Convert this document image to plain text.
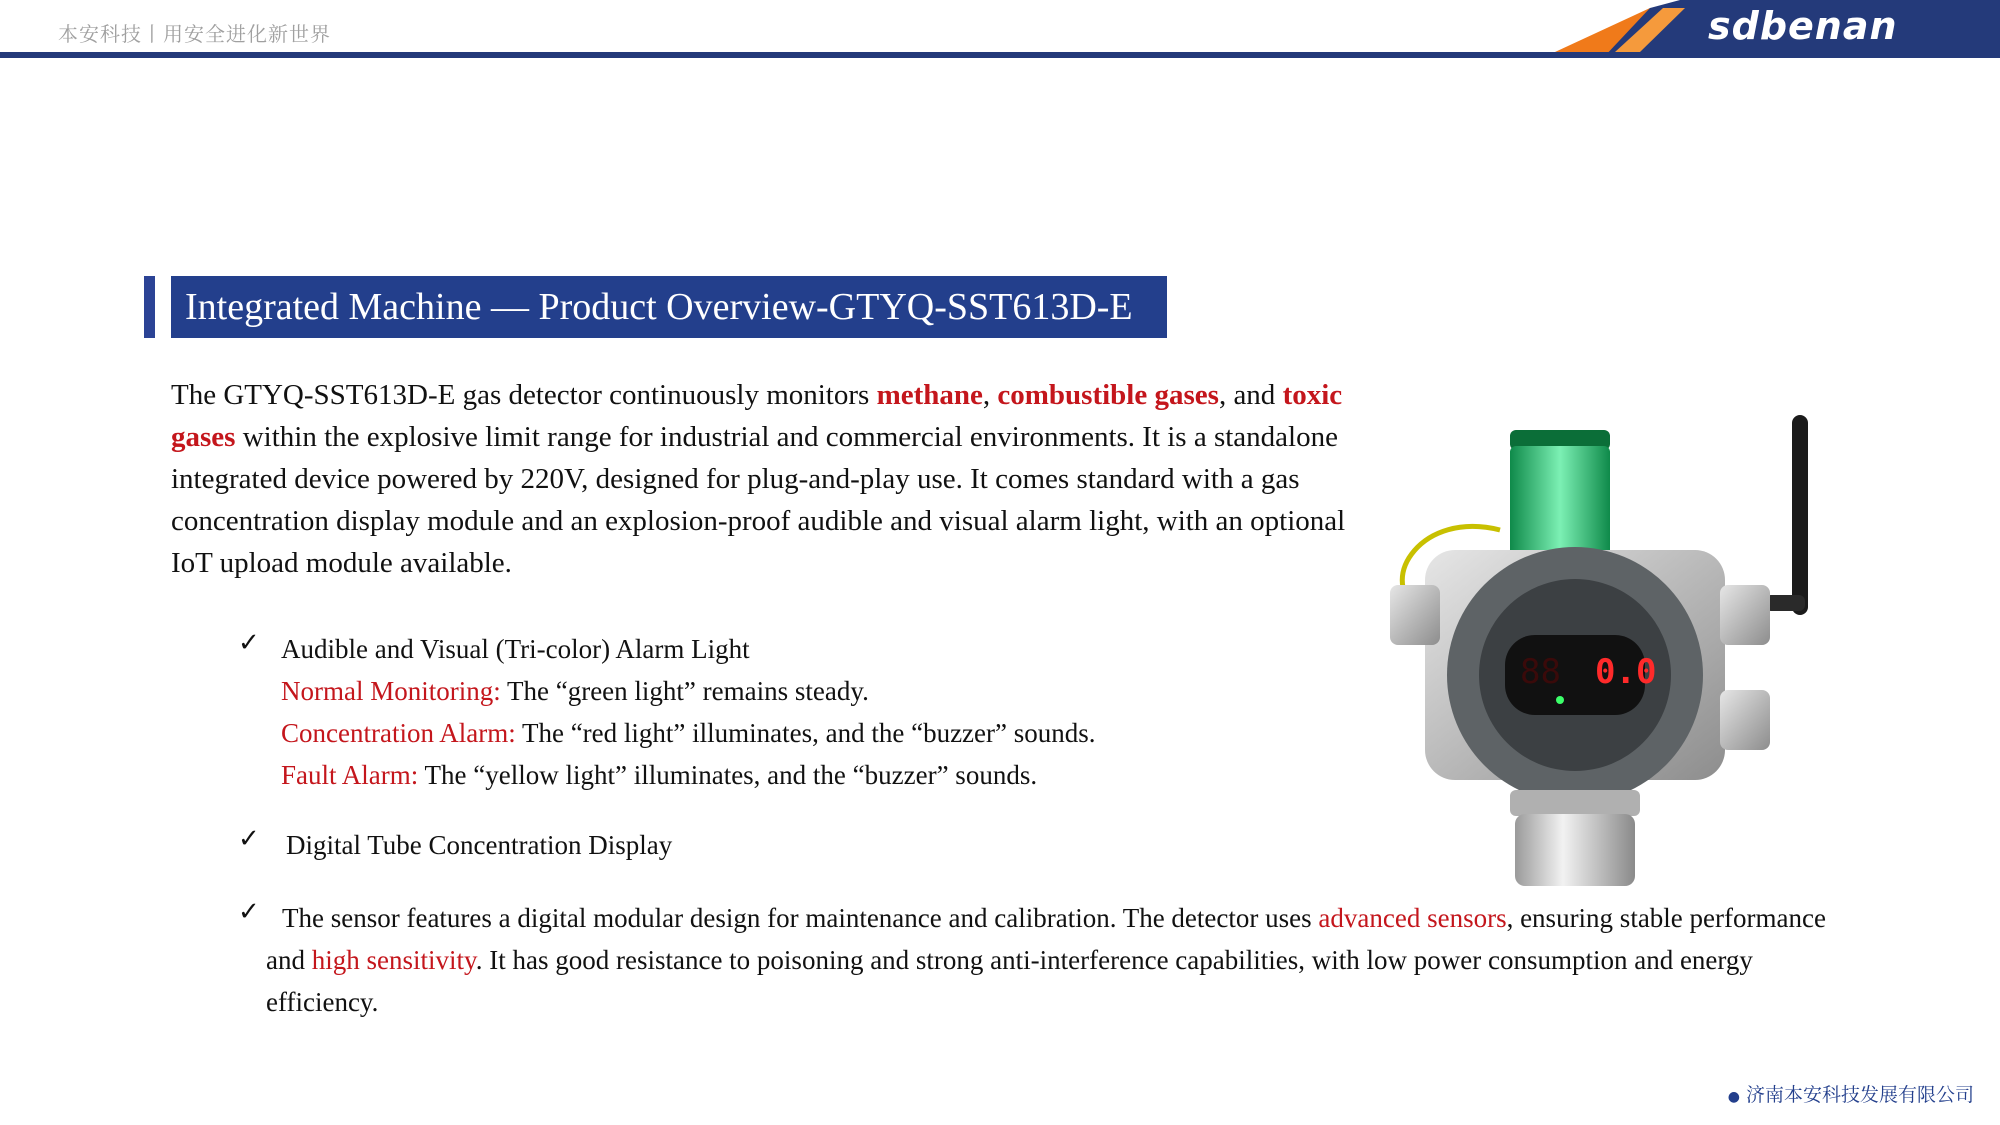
本安科技丨用安全进化新世界	sdbenan
Integrated Machine — Product Overview-GTYQ-SST613D-E

The GTYQ-SST613D-E gas detector continuously monitors methane, combustible gases, and toxic gases within the explosive limit range for industrial and commercial environments. It is a standalone integrated device powered by 220V, designed for plug-and-play use. It comes standard with a gas concentration display module and an explosion-proof audible and visual alarm light, with an optional IoT upload module available.

✓ Audible and Visual (Tri-color) Alarm Light
Normal Monitoring: The “green light” remains steady.
Concentration Alarm: The “red light” illuminates, and the “buzzer” sounds.
Fault Alarm: The “yellow light” illuminates, and the “buzzer” sounds.
✓ Digital Tube Concentration Display
✓ The sensor features a digital modular design for maintenance and calibration. The detector uses advanced sensors, ensuring stable performance and high sensitivity. It has good resistance to poisoning and strong anti-interference capabilities, with low power consumption and energy efficiency.
0.0
88
● 济南本安科技发展有限公司
